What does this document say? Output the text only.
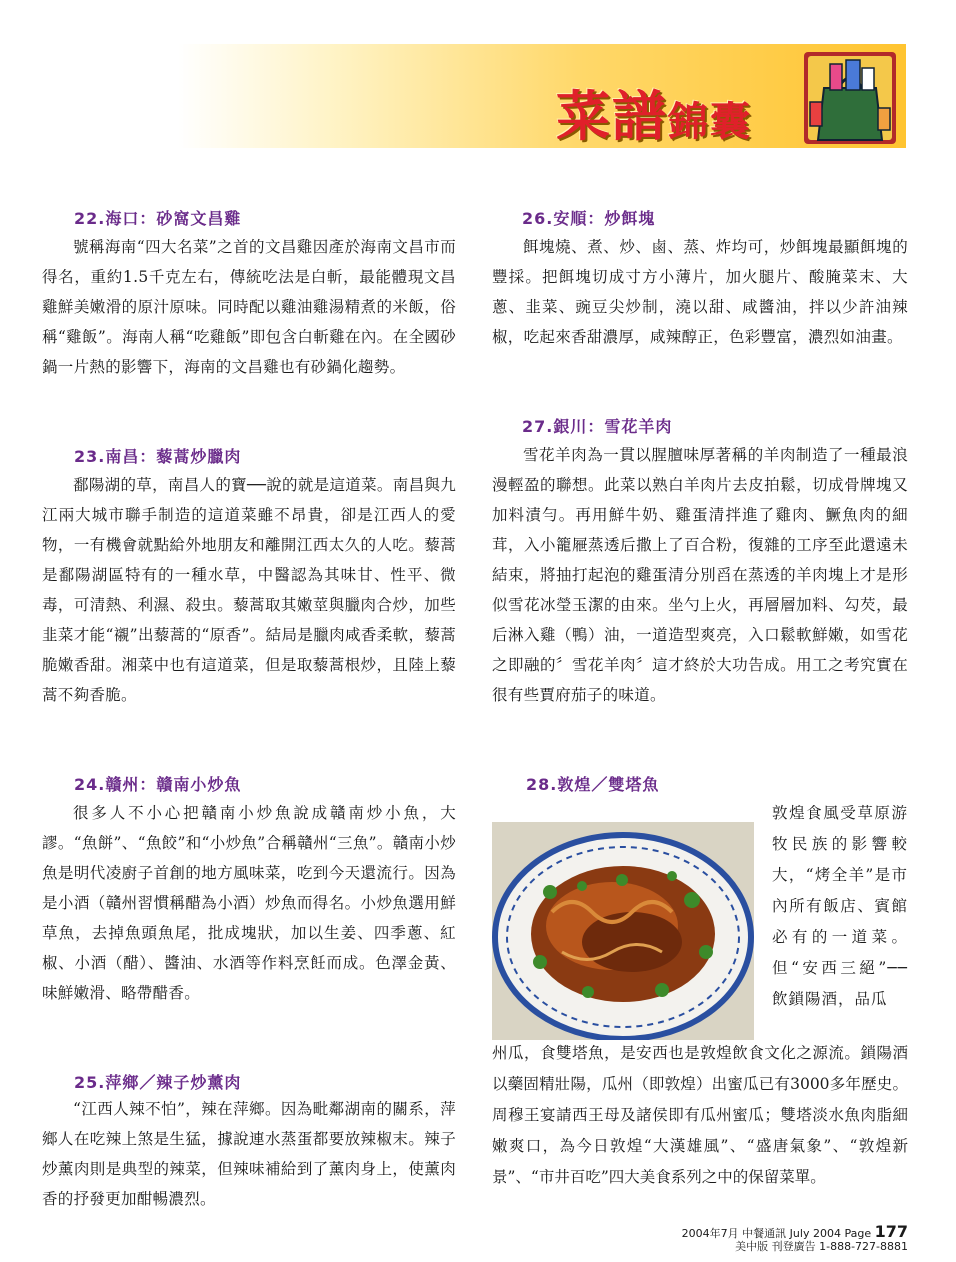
菜譜錦囊
22.海口：砂窩文昌雞
號稱海南“四大名菜”之首的文昌雞因產於海南文昌市而得名，重約1.5千克左右，傳統吃法是白斬，最能體現文昌雞鮮美嫩滑的原汁原味。同時配以雞油雞湯精煮的米飯，俗稱“雞飯”。海南人稱“吃雞飯”即包含白斬雞在內。在全國砂鍋一片熱的影響下，海南的文昌雞也有砂鍋化趨勢。
23.南昌：藜蒿炒臘肉
鄱陽湖的草，南昌人的寶──說的就是這道菜。南昌與九江兩大城市聯手制造的這道菜雖不昂貴，卻是江西人的愛物，一有機會就點給外地朋友和離開江西太久的人吃。藜蒿是鄱陽湖區特有的一種水草，中醫認為其味甘、性平、微毒，可清熱、利濕、殺虫。藜蒿取其嫩莖與臘肉合炒，加些韭菜才能“襯”出藜蒿的“原香”。結局是臘肉咸香柔軟，藜蒿脆嫩香甜。湘菜中也有這道菜，但是取藜蒿根炒，且陸上藜蒿不夠香脆。
24.贛州：贛南小炒魚
很多人不小心把贛南小炒魚說成贛南炒小魚，大謬。“魚餅”、“魚餃”和“小炒魚”合稱贛州“三魚”。贛南小炒魚是明代凌廚子首創的地方風味菜，吃到今天還流行。因為是小酒（贛州習慣稱醋為小酒）炒魚而得名。小炒魚選用鮮草魚，去掉魚頭魚尾，批成塊狀，加以生姜、四季蔥、紅椒、小酒（醋）、醬油、水酒等作料烹飪而成。色澤金黃、味鮮嫩滑、略帶醋香。
25.萍鄉／辣子炒薰肉
“江西人辣不怕”，辣在萍鄉。因為毗鄰湖南的關系，萍鄉人在吃辣上煞是生猛，據說連水蒸蛋都要放辣椒末。辣子炒薰肉則是典型的辣菜，但辣味補給到了薰肉身上，使薰肉香的抒發更加酣暢濃烈。
26.安順：炒餌塊
餌塊燒、煮、炒、鹵、蒸、炸均可，炒餌塊最顯餌塊的豐採。把餌塊切成寸方小薄片，加火腿片、酸腌菜末、大蔥、韭菜、豌豆尖炒制，澆以甜、咸醬油，拌以少許油辣椒，吃起來香甜濃厚，咸辣醇正，色彩豐富，濃烈如油畫。
27.銀川：雪花羊肉
雪花羊肉為一貫以腥膻味厚著稱的羊肉制造了一種最浪漫輕盈的聯想。此菜以熟白羊肉片去皮拍鬆，切成骨牌塊又加料漬勻。再用鮮牛奶、雞蛋清拌進了雞肉、鱖魚肉的細茸，入小籠屜蒸透后撒上了百合粉，復雜的工序至此還遠未結束，將抽打起泡的雞蛋清分別舀在蒸透的羊肉塊上才是形似雪花冰瑩玉潔的由來。坐勺上火，再層層加料、勾芡，最后淋入雞（鴨）油，一道造型爽亮，入口鬆軟鮮嫩，如雪花之即融的〞雪花羊肉〞這才終於大功告成。用工之考究實在很有些賈府茄子的味道。
28.敦煌／雙塔魚
敦煌食風受草原游牧民族的影響較大，“烤全羊”是市內所有飯店、賓館必有的一道菜。但“安西三絕”──飲鎖陽酒，品瓜
州瓜，食雙塔魚，是安西也是敦煌飲食文化之源流。鎖陽酒以藥固精壯陽，瓜州（即敦煌）出蜜瓜已有3000多年歷史。周穆王宴請西王母及諸侯即有瓜州蜜瓜；雙塔淡水魚肉脂細嫩爽口，為今日敦煌“大漢雄風”、“盛唐氣象”、“敦煌新景”、“市井百吃”四大美食系列之中的保留菜單。
2004年7月 中餐通訊 July 2004 Page 177
美中版 刊登廣告 1-888-727-8881
